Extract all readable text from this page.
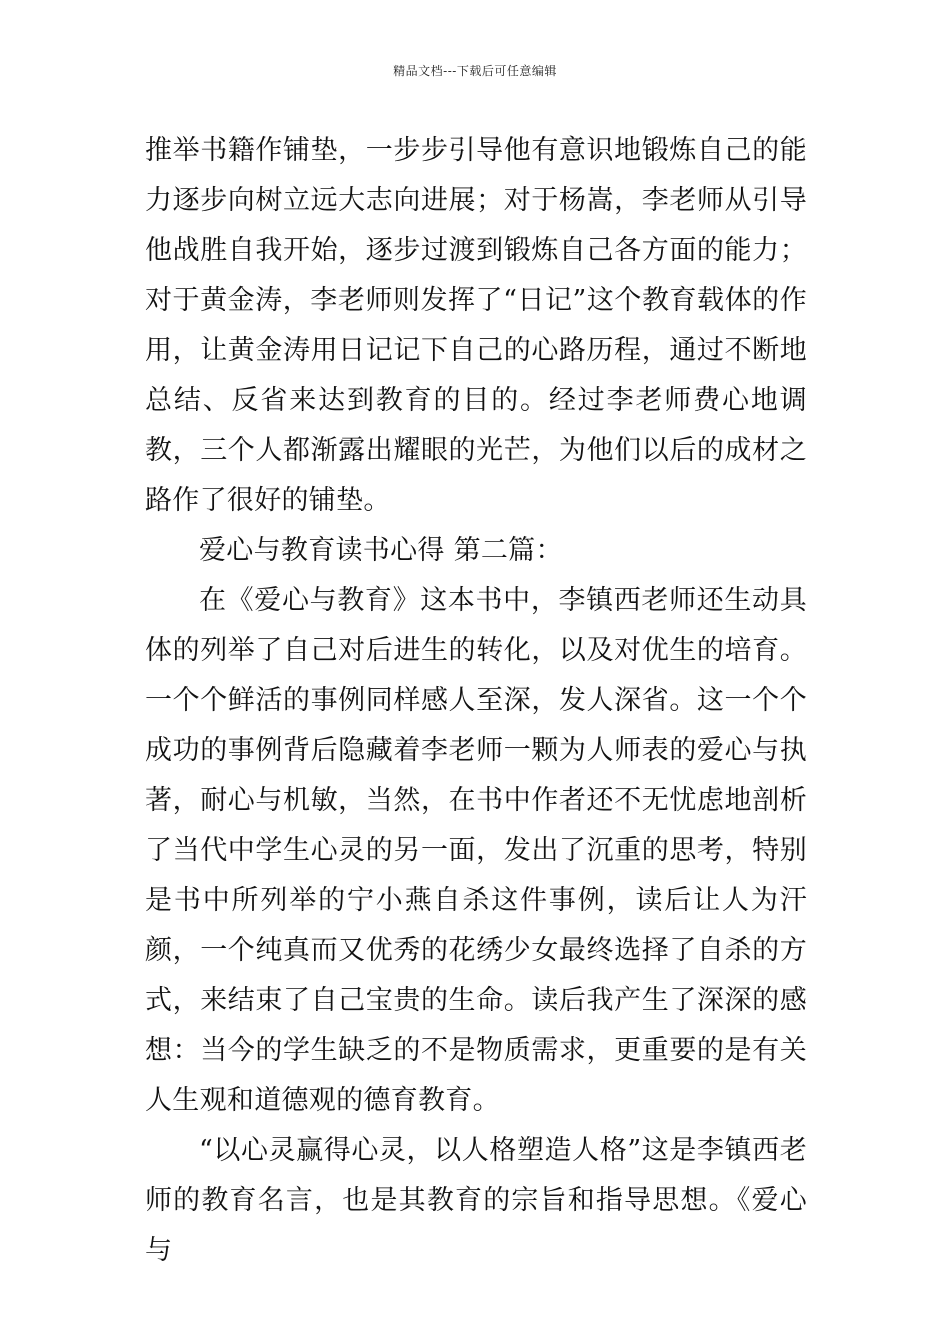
精品文档---下载后可任意编辑

推举书籍作铺垫，一步步引导他有意识地锻炼自己的能力逐步向树立远大志向进展；对于杨嵩，李老师从引导他战胜自我开始，逐步过渡到锻炼自己各方面的能力；对于黄金涛，李老师则发挥了“日记”这个教育载体的作用，让黄金涛用日记记下自己的心路历程，通过不断地总结、反省来达到教育的目的。经过李老师费心地调教，三个人都渐露出耀眼的光芒，为他们以后的成材之路作了很好的铺垫。

爱心与教育读书心得 第二篇：

在《爱心与教育》这本书中，李镇西老师还生动具体的列举了自己对后进生的转化，以及对优生的培育。一个个鲜活的事例同样感人至深，发人深省。这一个个成功的事例背后隐藏着李老师一颗为人师表的爱心与执著，耐心与机敏，当然，在书中作者还不无忧虑地剖析了当代中学生心灵的另一面，发出了沉重的思考，特别是书中所列举的宁小燕自杀这件事例，读后让人为汗颜，一个纯真而又优秀的花绣少女最终选择了自杀的方式，来结束了自己宝贵的生命。读后我产生了深深的感想：当今的学生缺乏的不是物质需求，更重要的是有关人生观和道德观的德育教育。

“以心灵赢得心灵，以人格塑造人格”这是李镇西老师的教育名言，也是其教育的宗旨和指导思想。《爱心与
